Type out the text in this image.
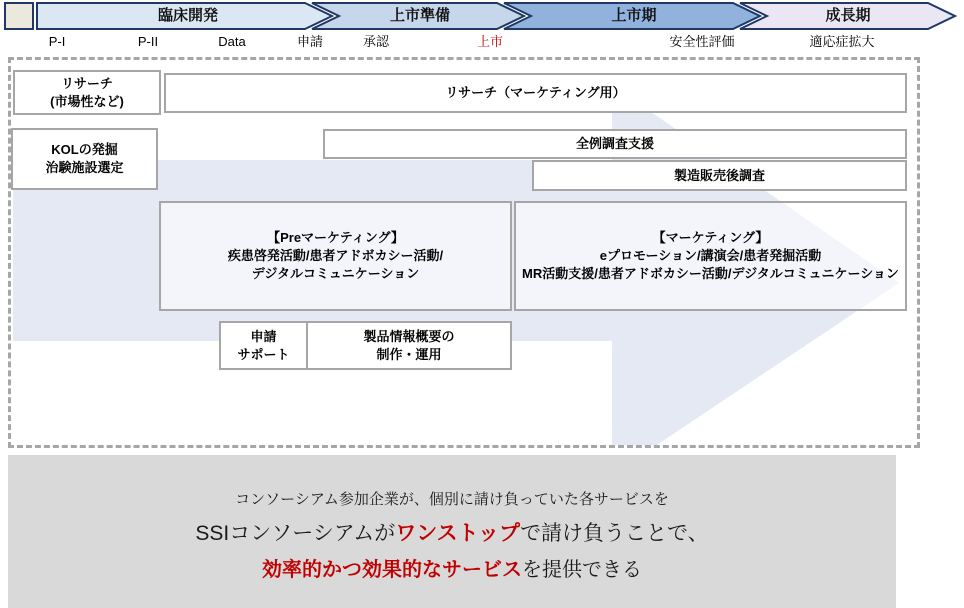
臨床開発	上市準備	上市期	成長期
P-I	P-II	Data	申請	承認	上市	安全性評価	適応症拡大
リサーチ
(市場性など)
リサーチ（マーケティング用）
KOLの発掘
治験施設選定
全例調査支援
製造販売後調査
【Preマーケティング】
疾患啓発活動/患者アドボカシー活動/
デジタルコミュニケーション
【マーケティング】
eプロモーション/講演会/患者発掘活動
MR活動支援/患者アドボカシー活動/デジタルコミュニケーション
申請
サポート
製品情報概要の
制作・運用
コンソーシアム参加企業が、個別に請け負っていた各サービスを
SSIコンソーシアムがワンストップで請け負うことで、
効率的かつ効果的なサービスを提供できる
